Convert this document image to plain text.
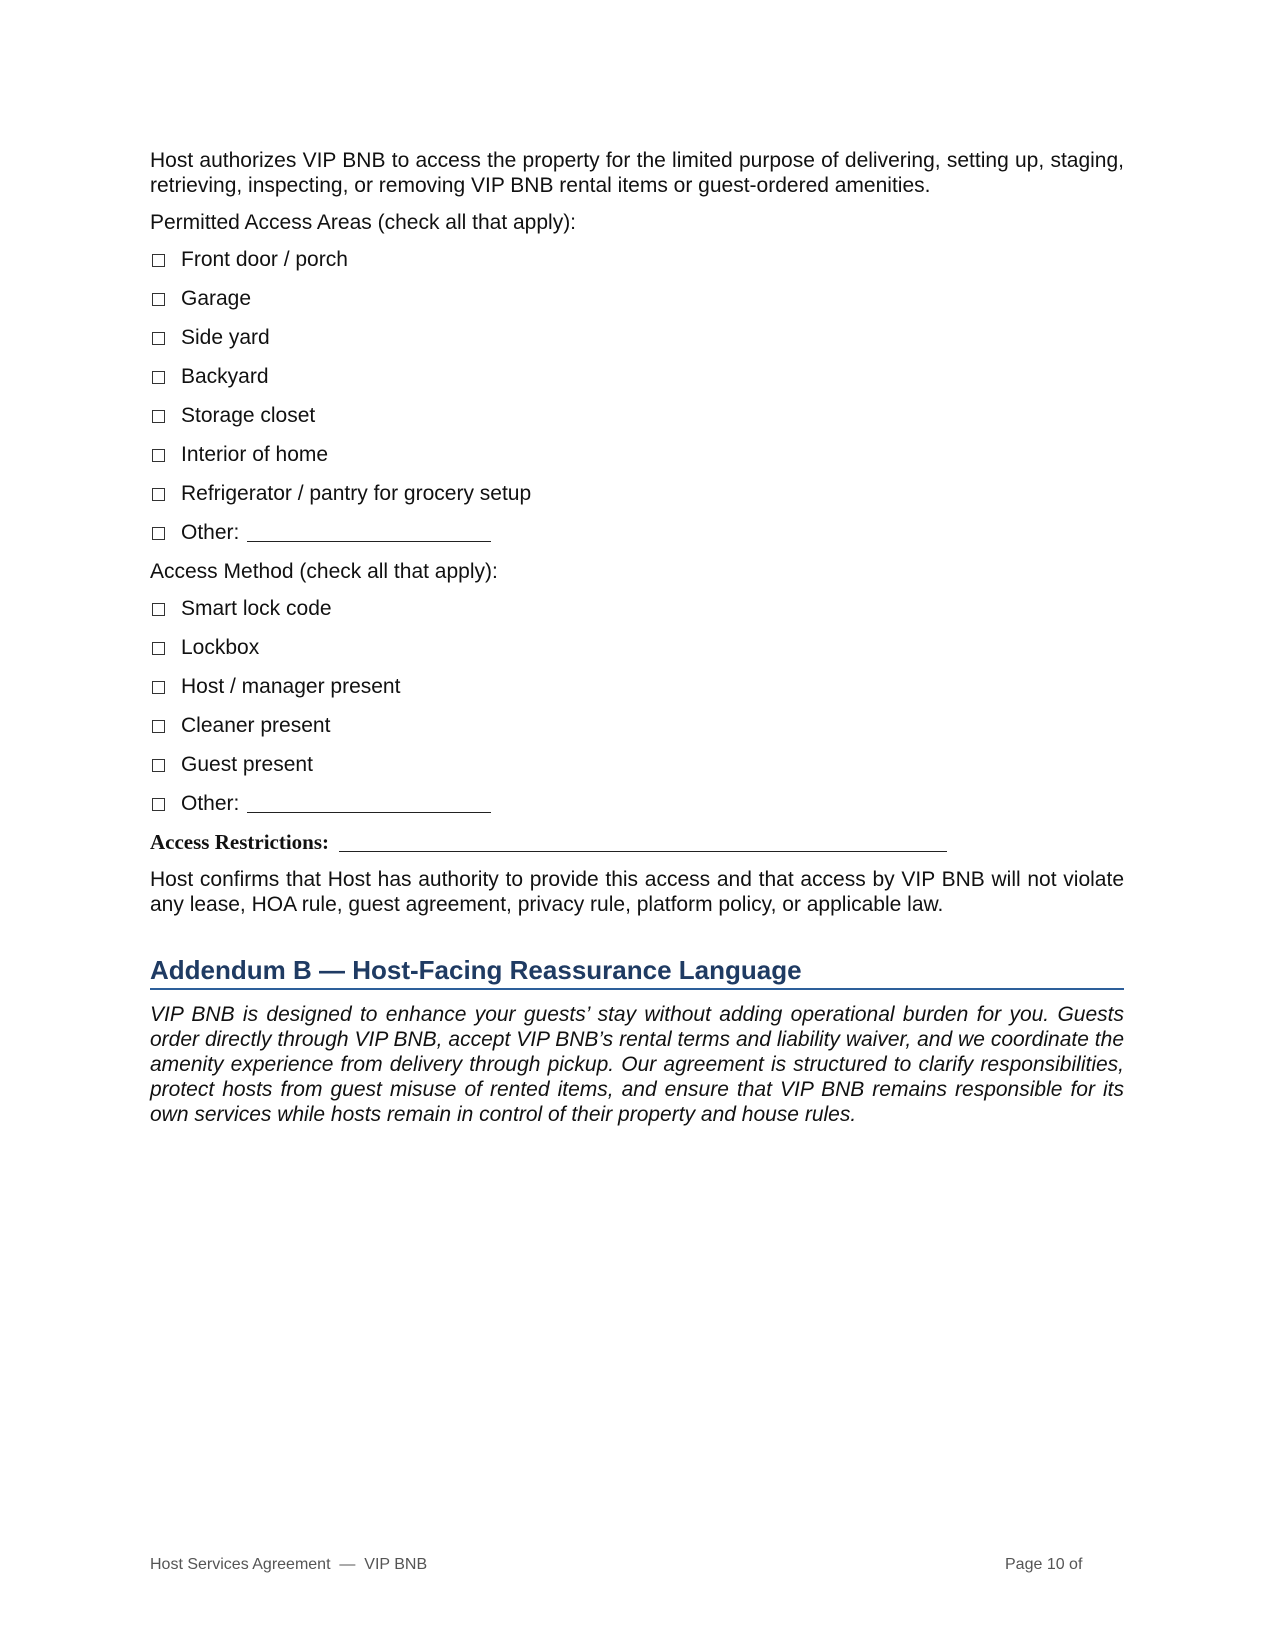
Host authorizes VIP BNB to access the property for the limited purpose of delivering, setting up, staging, retrieving, inspecting, or removing VIP BNB rental items or guest-ordered amenities.

Permitted Access Areas (check all that apply):
Front door / porch
Garage
Side yard
Backyard
Storage closet
Interior of home
Refrigerator / pantry for grocery setup
Other:
Access Method (check all that apply):
Smart lock code
Lockbox
Host / manager present
Cleaner present
Guest present
Other:
Access Restrictions:

Host confirms that Host has authority to provide this access and that access by VIP BNB will not violate any lease, HOA rule, guest agreement, privacy rule, platform policy, or applicable law.

Addendum B — Host-Facing Reassurance Language

VIP BNB is designed to enhance your guests’ stay without adding operational burden for you. Guests order directly through VIP BNB, accept VIP BNB’s rental terms and liability waiver, and we coordinate the amenity experience from delivery through pickup. Our agreement is structured to clarify responsibilities, protect hosts from guest misuse of rented items, and ensure that VIP BNB remains responsible for its own services while hosts remain in control of their property and house rules.

Host Services Agreement  —  VIP BNB	Page 10 of
